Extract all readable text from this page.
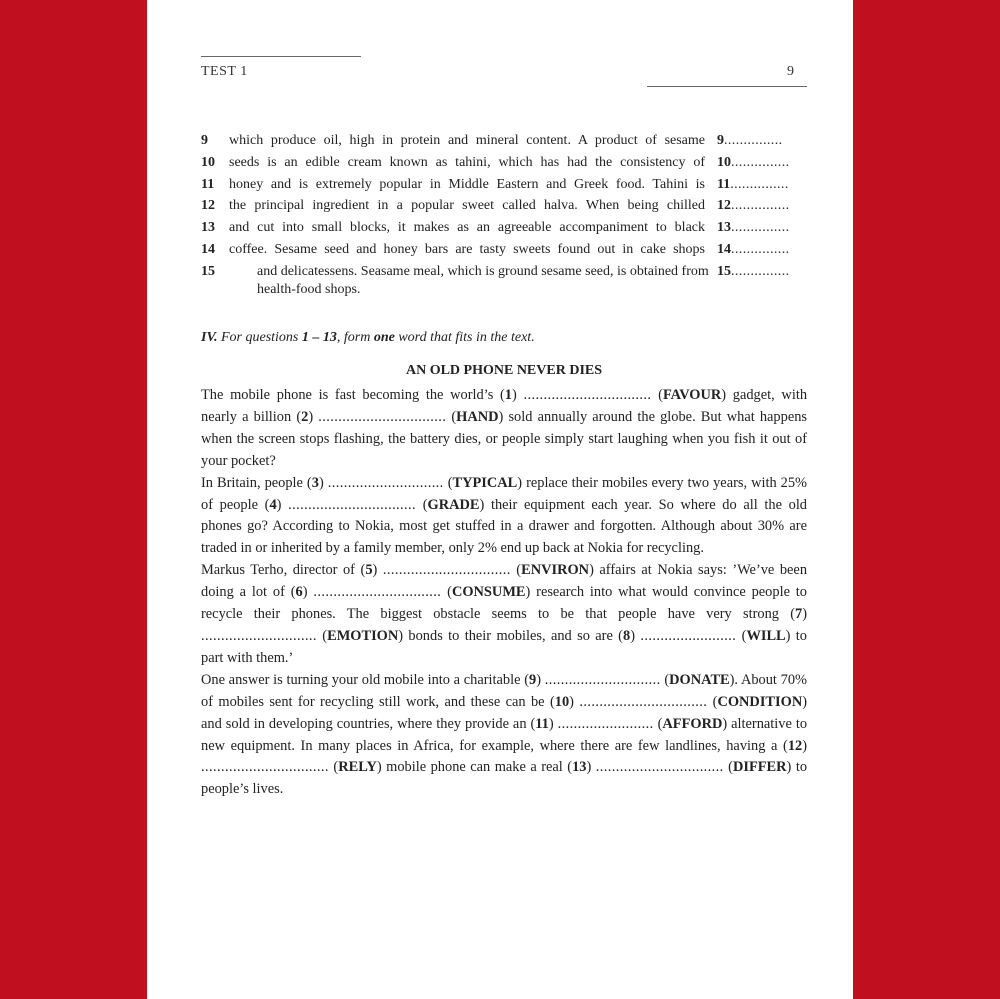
TEST 1	9
9	which produce oil, high in protein and mineral content. A product of sesame 9...............
10 seeds is an edible cream known as tahini, which has had the consistency of 10...............
11 honey and is extremely popular in Middle Eastern and Greek food. Tahini is 11...............
12 the principal ingredient in a popular sweet called halva. When being chilled 12...............
13 and cut into small blocks, it makes as an agreeable accompaniment to black 13...............
14 coffee. Sesame seed and honey bars are tasty sweets found out in cake shops 14...............
15	and delicatessens. Seasame meal, which is ground sesame seed, is obtained from health-food shops.
15...............
IV. For questions 1 – 13, form one word that fits in the text.
AN OLD PHONE NEVER DIES

The mobile phone is fast becoming the world’s (1) ................................ (FAVOUR) gadget, with nearly a billion (2) ................................ (HAND) sold annually around the globe. But what happens when the screen stops flashing, the battery dies, or people simply start laughing when you fish it out of your pocket?

In Britain, people (3) ............................. (TYPICAL) replace their mobiles every two years, with 25% of people (4) ................................ (GRADE) their equipment each year. So where do all the old phones go? According to Nokia, most get stuffed in a drawer and forgotten. Although about 30% are traded in or inherited by a family member, only 2% end up back at Nokia for recycling.

Markus Terho, director of (5) ................................ (ENVIRON) affairs at Nokia says: ’We’ve been doing a lot of (6) ................................ (CONSUME) research into what would convince people to recycle their phones. The biggest obstacle seems to be that people have very strong (7) ............................. (EMOTION) bonds to their mobiles, and so are (8) ........................ (WILL) to part with them.’

One answer is turning your old mobile into a charitable (9) ............................. (DONATE). About 70% of mobiles sent for recycling still work, and these can be (10) ................................ (CONDITION) and sold in developing countries, where they provide an (11) ........................ (AFFORD) alternative to new equipment. In many places in Africa, for example, where there are few landlines, having a (12) ................................ (RELY) mobile phone can make a real (13) ................................ (DIFFER) to people’s lives.
